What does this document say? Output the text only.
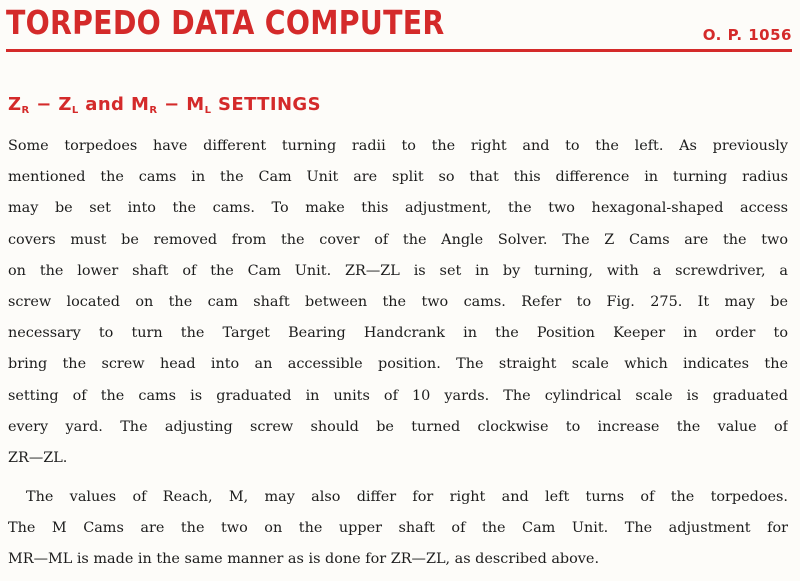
TORPEDO DATA COMPUTER	O. P. 1056
$Z_R - Z_L$ and $M_R - M_L$ SETTINGS
Some torpedoes have different turning radii to the right and to the left. As previously
mentioned the cams in the Cam Unit are split so that this difference in turning radius
may be set into the cams. To make this adjustment, the two hexagonal-shaped access
covers must be removed from the cover of the Angle Solver. The Z Cams are the two
on the lower shaft of the Cam Unit. ZR—ZL is set in by turning, with a screwdriver, a
screw located on the cam shaft between the two cams. Refer to Fig. 275. It may be
necessary to turn the Target Bearing Handcrank in the Position Keeper in order to
bring the screw head into an accessible position. The straight scale which indicates the
setting of the cams is graduated in units of 10 yards. The cylindrical scale is graduated
every yard. The adjusting screw should be turned clockwise to increase the value of
ZR—ZL.
The values of Reach, M, may also differ for right and left turns of the torpedoes.
The M Cams are the two on the upper shaft of the Cam Unit. The adjustment for
MR—ML is made in the same manner as is done for ZR—ZL, as described above.
